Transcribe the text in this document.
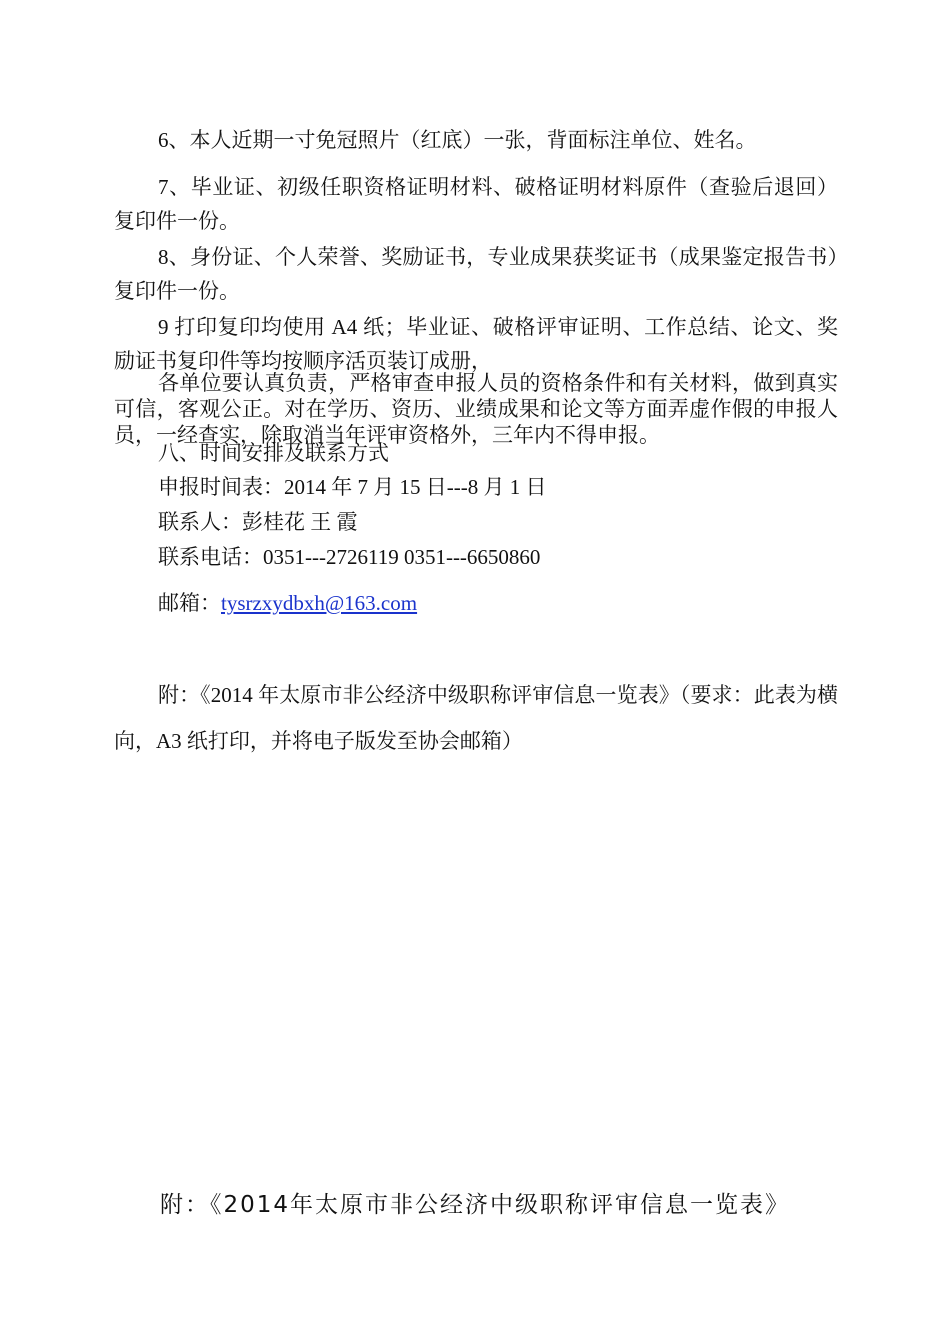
6、本人近期一寸免冠照片（红底）一张，背面标注单位、姓名。

7、毕业证、初级任职资格证明材料、破格证明材料原件（查验后退回）复印件一份。

8、身份证、个人荣誉、奖励证书，专业成果获奖证书（成果鉴定报告书）复印件一份。

9 打印复印均使用 A4 纸；毕业证、破格评审证明、工作总结、论文、奖励证书复印件等均按顺序活页装订成册，

各单位要认真负责，严格审查申报人员的资格条件和有关材料，做到真实可信，客观公正。对在学历、资历、业绩成果和论文等方面弄虚作假的申报人员，一经查实，除取消当年评审资格外，三年内不得申报。

八、时间安排及联系方式

申报时间表：2014 年 7 月 15 日---8 月 1 日

联系人：彭桂花 王 霞

联系电话：0351---2726119 0351---6650860

邮箱：tysrzxydbxh@163.com

附：《2014 年太原市非公经济中级职称评审信息一览表》（要求：此表为横向，A3 纸打印，并将电子版发至协会邮箱）

附：《2014年太原市非公经济中级职称评审信息一览表》
